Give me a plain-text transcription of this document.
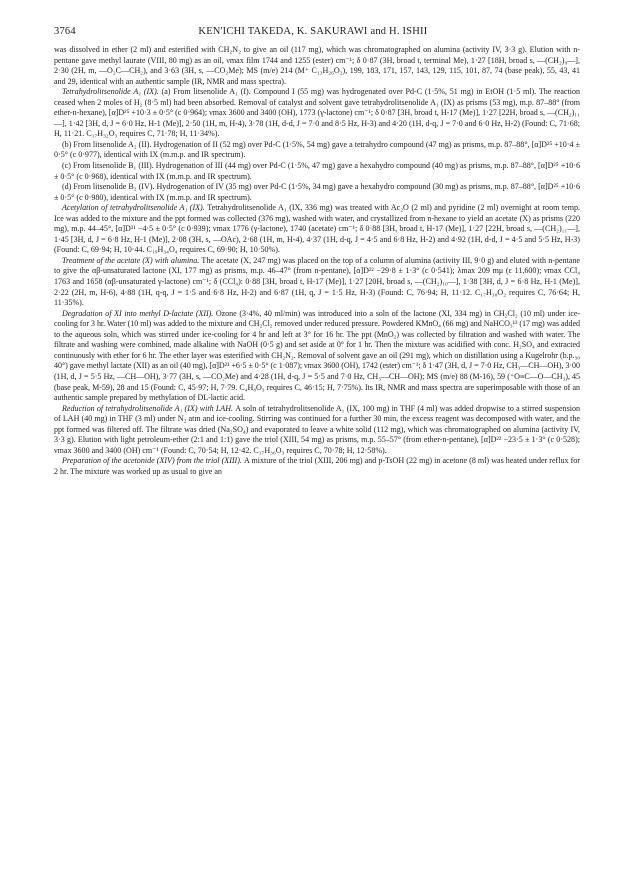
3764	KEN'ICHI TAKEDA, K. SAKURAWI and H. ISHII

was dissolved in ether (2 ml) and esterified with CH₂N₂ to give an oil (117 mg), which was chromatographed on alumina (activity IV, 3·3 g). Elution with n-pentane gave methyl laurate (VIII, 80 mg) as an oil, νmax film 1744 and 1255 (ester) cm⁻¹; δ 0·87 (3H, broad t, terminal Me), 1·27 [18H, broad s, —(CH₂)₉—], 2·30 (2H, m, —O₂C—CH₂), and 3·63 (3H, s, —CO₂Me); MS (m/e) 214 (M⁺ C₁₃H₂₆O₂), 199, 183, 171, 157, 143, 129, 115, 101, 87, 74 (base peak), 55, 43, 41 and 29, identical with an authentic sample (IR, NMR and mass spectra).

Tetrahydrolitsenolide A₁ (IX). (a) From litsenolide A₁ (I). Compound I (55 mg) was hydrogenated over Pd-C (1·5%, 51 mg) in EtOH (1·5 ml). The reaction ceased when 2 moles of H₂ (8·5 ml) had been absorbed. Removal of catalyst and solvent gave tetrahydrolitsenolide A₁ (IX) as prisms (53 mg), m.p. 87–88° (from ether-n-hexane), [α]D²⁵ +10·3 ± 0·5° (c 0·964); νmax 3600 and 3400 (OH), 1773 (γ-lactone) cm⁻¹; δ 0·87 [3H, broad t, H-17 (Me)], 1·27 [22H, broad s, —(CH₂)₁₁—], 1·42 [3H, d, J = 6·0 Hz, H-1 (Me)], 2·50 (1H, m, H-4), 3·78 (1H, d-d, J = 7·0 and 8·5 Hz, H-3) and 4·20 (1H, d-q, J = 7·0 and 6·0 Hz, H-2) (Found: C, 71·68; H, 11·21. C₁₇H₃₂O₃ requires C, 71·78; H, 11·34%).

(b) From litsenolide A₂ (II). Hydrogenation of II (52 mg) over Pd-C (1·5%, 54 mg) gave a tetrahydro compound (47 mg) as prisms, m.p. 87–88°, [α]D²⁵ +10·4 ± 0·5° (c 0·977), identical with IX (m.m.p. and IR spectrum).

(c) From litsenolide B₁ (III). Hydrogenation of III (44 mg) over Pd-C (1·5%, 47 mg) gave a hexahydro compound (40 mg) as prisms, m.p. 87–88°, [α]D²⁵ +10·6 ± 0·5° (c 0·968), identical with IX (m.m.p. and IR spectrum).

(d) From litsenolide B₂ (IV). Hydrogenation of IV (35 mg) over Pd-C (1·5%, 34 mg) gave a hexahydro compound (30 mg) as prisms, m.p. 87–88°, [α]D²⁵ +10·6 ± 0·5° (c 0·980), identical with IX (m.m.p. and IR spectrum).

Acetylation of tetrahydrolitsenolide A₁ (IX). Tetrahydrolitsenolide A₁ (IX, 336 mg) was treated with Ac₂O (2 ml) and pyridine (2 ml) overnight at room temp. Ice was added to the mixture and the ppt formed was collected (376 mg), washed with water, and crystallized from n-hexane to yield an acetate (X) as prisms (220 mg), m.p. 44–45°, [α]D²¹ −4·5 ± 0·5° (c 0·939); νmax 1776 (γ-lactone), 1740 (acetate) cm⁻¹; δ 0·88 [3H, broad t, H-17 (Me)], 1·27 [22H, broad s, —(CH₂)₁₁—], 1·45 [3H, d, J = 6·8 Hz, H-1 (Me)], 2·08 (3H, s, —OAc), 2·68 (1H, m, H-4), 4·37 (1H, d-q, J = 4·5 and 6·8 Hz, H-2) and 4·92 (1H, d-d, J = 4·5 and 5·5 Hz, H-3) (Found: C, 69·94; H, 10·44. C₁₉H₃₄O₄ requires C, 69·90; H, 10·50%).

Treatment of the acetate (X) with alumina. The acetate (X, 247 mg) was placed on the top of a column of alumina (activity III, 9·0 g) and eluted with n-pentane to give the αβ-unsaturated lactone (XI, 177 mg) as prisms, m.p. 46–47° (from n-pentane), [α]D²² −29·8 ± 1·3° (c 0·541); λmax 209 mμ (ε 11,600); νmax CCl₄ 1763 and 1658 (αβ-unsaturated γ-lactone) cm⁻¹; δ (CCl₄): 0·88 [3H, broad t, H-17 (Me)], 1·27 [20H, broad s, —(CH₂)₁₀—], 1·38 [3H, d, J = 6·8 Hz, H-1 (Me)], 2·22 (2H, m, H-6), 4·88 (1H, q-q, J = 1·5 and 6·8 Hz, H-2) and 6·87 (1H, q, J = 1·5 Hz, H-3) (Found: C, 76·94; H, 11·12. C₁₇H₃₀O₂ requires C, 76·64; H, 11·35%).

Degradation of XI into methyl D-lactate (XII). Ozone (3·4%, 40 ml/min) was introduced into a soln of the lactone (XI, 334 mg) in CH₂Cl₂ (10 ml) under ice-cooling for 3 hr. Water (10 ml) was added to the mixture and CH₂Cl₂ removed under reduced pressure. Powdered KMnO₄ (66 mg) and NaHCO₃¹³ (17 mg) was added to the aqueous soln, which was stirred under ice-cooling for 4 hr and left at 3° for 16 hr. The ppt (MnO₂) was collected by filtration and washed with water. The filtrate and washing were combined, made alkaline with NaOH (0·5 g) and set aside at 0° for 1 hr. Then the mixture was acidified with conc. H₂SO₄ and extracted continuously with ether for 6 hr. The ether layer was esterified with CH₂N₂. Removal of solvent gave an oil (291 mg), which on distillation using a Kugelrohr (b.p.₃₀ 40°) gave methyl lactate (XII) as an oil (40 mg), [α]D²¹ +6·5 ± 0·5° (c 1·087); νmax 3600 (OH), 1742 (ester) cm⁻¹; δ 1·47 (3H, d, J = 7·0 Hz, CH₃—CH—OH), 3·00 (1H, d, J = 5·5 Hz, —CH—OH), 3·77 (3H, s, —CO₂Me) and 4·28 (1H, d-q, J = 5·5 and 7·0 Hz, CH₃—CH—OH); MS (m/e) 88 (M-16), 59 (⁺O≡C—O—CH₃), 45 (base peak, M-59), 28 and 15 (Found: C, 45·97; H, 7·79. C₄H₈O₃ requires C, 46·15; H, 7·75%). Its IR, NMR and mass spectra are superimposable with those of an authentic sample prepared by methylation of DL-lactic acid.

Reduction of tetrahydrolitsenolide A₁ (IX) with LAH. A soln of tetrahydrolitsenolide A₁ (IX, 100 mg) in THF (4 ml) was added dropwise to a stirred suspension of LAH (40 mg) in THF (3 ml) under N₂ atm and ice-cooling. Stirring was continued for a further 30 min, the excess reagent was decomposed with water, and the ppt formed was filtered off. The filtrate was dried (Na₂SO₄) and evaporated to leave a white solid (112 mg), which was chromatographed on alumina (activity IV, 3·3 g). Elution with light petroleum-ether (2:1 and 1:1) gave the triol (XIII, 54 mg) as prisms, m.p. 55–57° (from ether-n-pentane), [α]D²² −23·5 ± 1·3° (c 0·528); νmax 3600 and 3400 (OH) cm⁻¹ (Found: C, 70·54; H, 12·42. C₁₇H₃₆O₃ requires C, 70·78; H, 12·58%).

Preparation of the acetonide (XIV) from the triol (XIII). A mixture of the triol (XIII, 206 mg) and p-TsOH (22 mg) in acetone (8 ml) was heated under reflux for 2 hr. The mixture was worked up as usual to give an
